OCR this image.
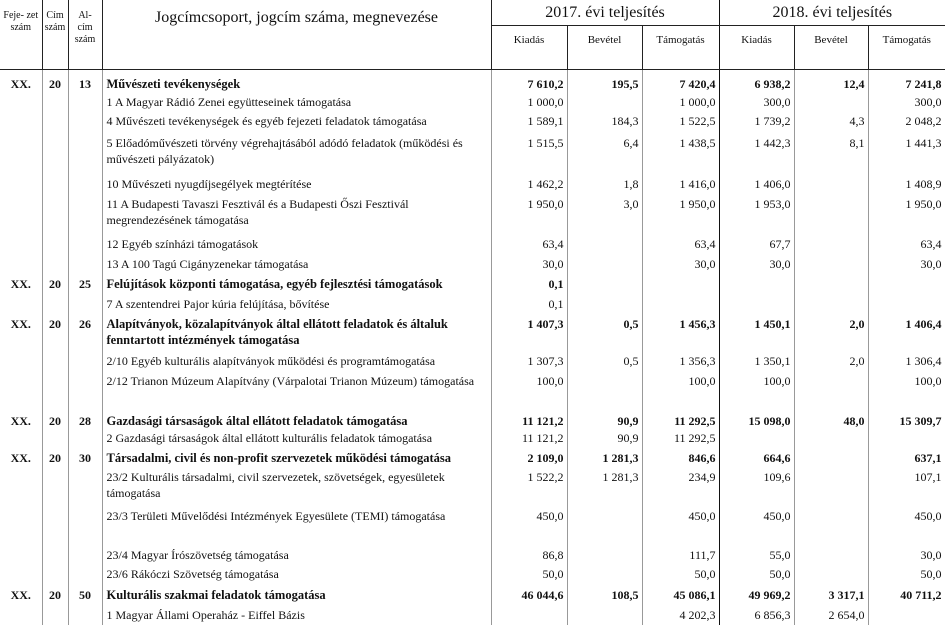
Feje- zet szám	Cím szám	Al- cím szám	Jogcímcsoport, jogcím száma, megnevezése	2017. évi teljesítés			2018. évi teljesítés		
				Kiadás	Bevétel	Támogatás	Kiadás	Bevétel	Támogatás

XX.	20	13	Művészeti tevékenységek	7 610,2	195,5	7 420,4	6 938,2	12,4	7 241,8
			1 A Magyar Rádió Zenei együtteseinek támogatása	1 000,0		1 000,0	300,0		300,0
			4 Művészeti tevékenységek és egyéb fejezeti feladatok támogatása	1 589,1	184,3	1 522,5	1 739,2	4,3	2 048,2
			5 Előadóművészeti törvény végrehajtásából adódó feladatok (működési és művészeti pályázatok)	1 515,5	6,4	1 438,5	1 442,3	8,1	1 441,3
			10 Művészeti nyugdíjsegélyek megtérítése	1 462,2	1,8	1 416,0	1 406,0		1 408,9
			11 A Budapesti Tavaszi Fesztivál és a Budapesti Őszi Fesztivál megrendezésének támogatása	1 950,0	3,0	1 950,0	1 953,0		1 950,0
			12 Egyéb színházi támogatások	63,4		63,4	67,7		63,4
			13 A 100 Tagú Cigányzenekar támogatása	30,0		30,0	30,0		30,0
XX.	20	25	Felújítások központi támogatása, egyéb fejlesztési támogatások	0,1					
			7 A szentendrei Pajor kúria felújítása, bővítése	0,1					
XX.	20	26	Alapítványok, közalapítványok által ellátott feladatok és általuk fenntartott intézmények támogatása	1 407,3	0,5	1 456,3	1 450,1	2,0	1 406,4
			2/10 Egyéb kulturális alapítványok működési és programtámogatása	1 307,3	0,5	1 356,3	1 350,1	2,0	1 306,4
			2/12 Trianon Múzeum Alapítvány (Várpalotai Trianon Múzeum) támogatása	100,0		100,0	100,0		100,0
XX.	20	28	Gazdasági társaságok által ellátott feladatok támogatása	11 121,2	90,9	11 292,5	15 098,0	48,0	15 309,7
			2 Gazdasági társaságok által ellátott kulturális feladatok támogatása	11 121,2	90,9	11 292,5			
XX.	20	30	Társadalmi, civil és non-profit szervezetek működési támogatása	2 109,0	1 281,3	846,6	664,6		637,1
			23/2 Kulturális társadalmi, civil szervezetek, szövetségek, egyesületek támogatása	1 522,2	1 281,3	234,9	109,6		107,1
			23/3 Területi Művelődési Intézmények Egyesülete (TEMI) támogatása	450,0		450,0	450,0		450,0
			23/4 Magyar Írószövetség támogatása	86,8		111,7	55,0		30,0
			23/6 Rákóczi Szövetség támogatása	50,0		50,0	50,0		50,0
XX.	20	50	Kulturális szakmai feladatok támogatása	46 044,6	108,5	45 086,1	49 969,2	3 317,1	40 711,2
			1 Magyar Állami Operaház - Eiffel Bázis			4 202,3	6 856,3	2 654,0	
